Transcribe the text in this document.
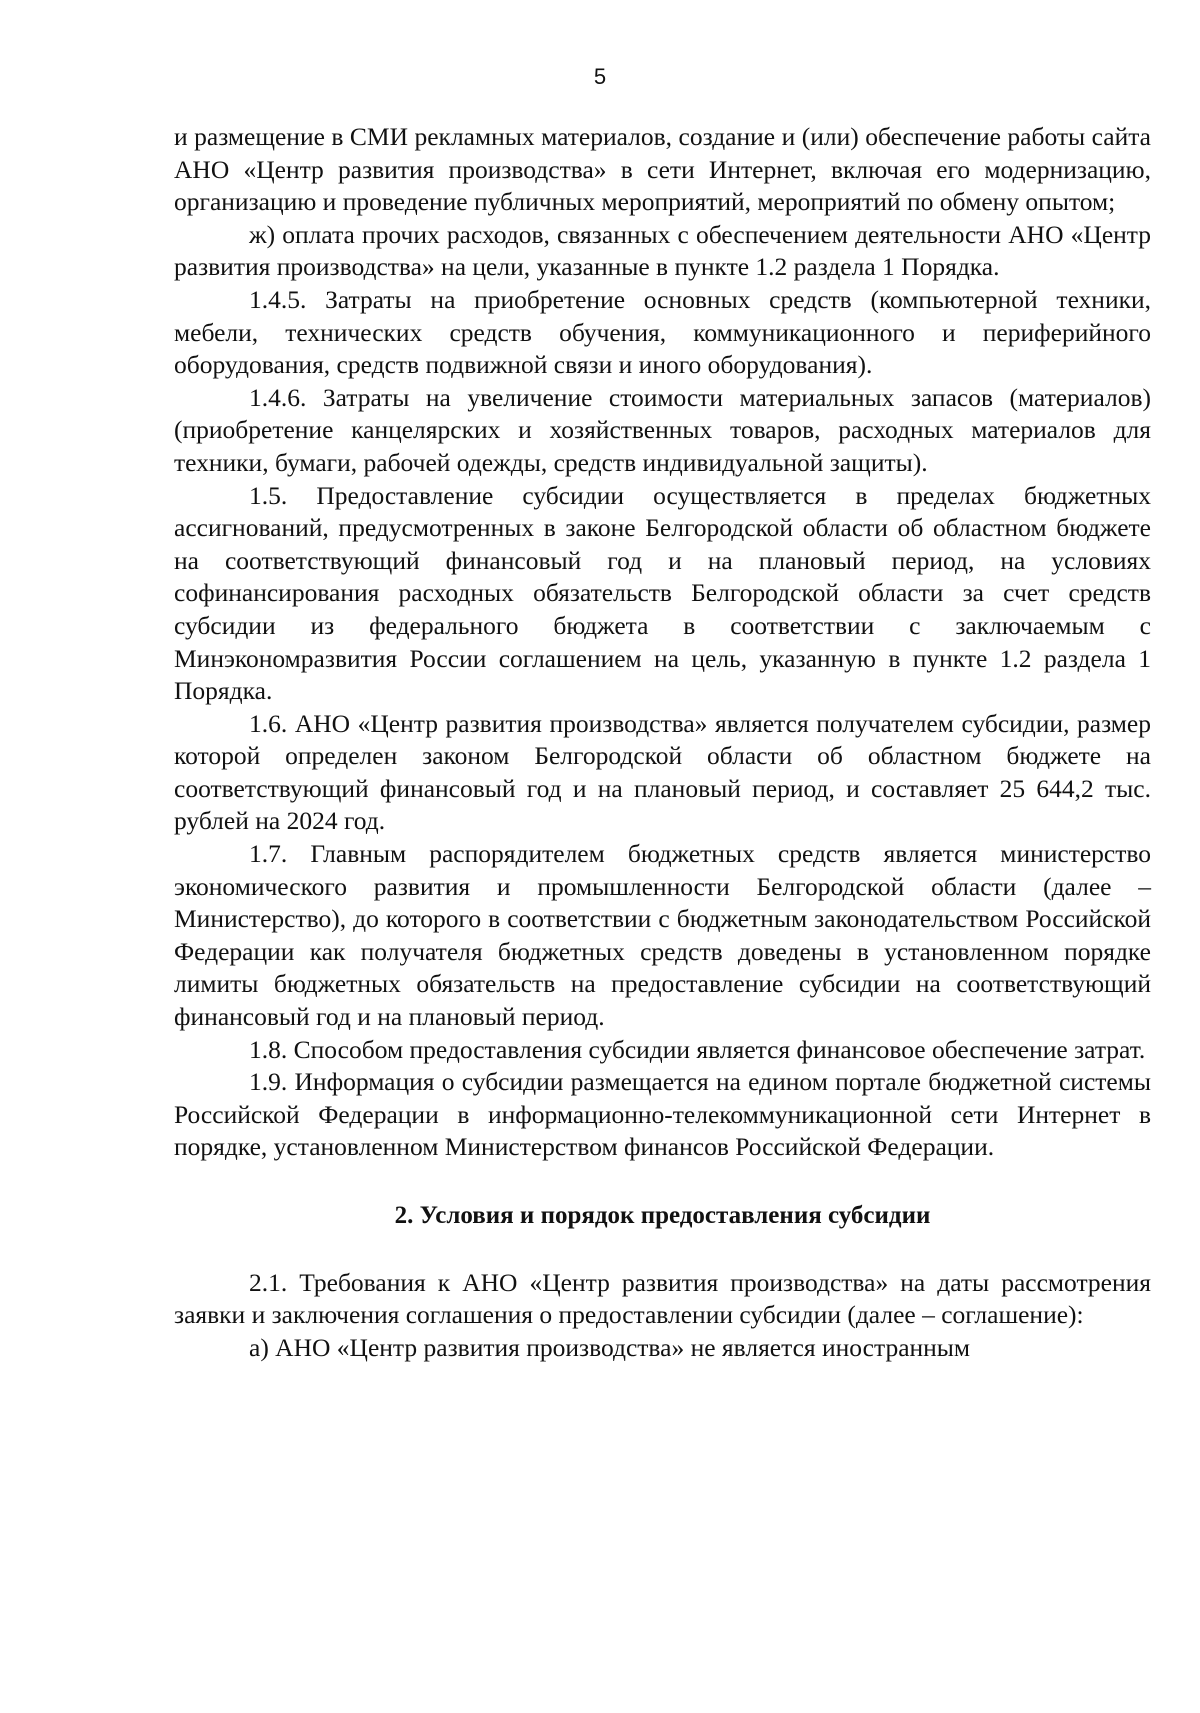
5

и размещение в СМИ рекламных материалов, создание и (или) обеспечение работы сайта АНО «Центр развития производства» в сети Интернет, включая его модернизацию, организацию и проведение публичных мероприятий, мероприятий по обмену опытом;

ж) оплата прочих расходов, связанных с обеспечением деятельности АНО «Центр развития производства» на цели, указанные в пункте 1.2 раздела 1 Порядка.

1.4.5. Затраты на приобретение основных средств (компьютерной техники, мебели, технических средств обучения, коммуникационного и периферийного оборудования, средств подвижной связи и иного оборудования).

1.4.6. Затраты на увеличение стоимости материальных запасов (материалов) (приобретение канцелярских и хозяйственных товаров, расходных материалов для техники, бумаги, рабочей одежды, средств индивидуальной защиты).

1.5. Предоставление субсидии осуществляется в пределах бюджетных ассигнований, предусмотренных в законе Белгородской области об областном бюджете на соответствующий финансовый год и на плановый период, на условиях софинансирования расходных обязательств Белгородской области за счет средств субсидии из федерального бюджета в соответствии с заключаемым с Минэкономразвития России соглашением на цель, указанную в пункте 1.2 раздела 1 Порядка.

1.6. АНО «Центр развития производства» является получателем субсидии, размер которой определен законом Белгородской области об областном бюджете на соответствующий финансовый год и на плановый период, и составляет 25 644,2 тыс. рублей на 2024 год.

1.7. Главным распорядителем бюджетных средств является министерство экономического развития и промышленности Белгородской области (далее – Министерство), до которого в соответствии с бюджетным законодательством Российской Федерации как получателя бюджетных средств доведены в установленном порядке лимиты бюджетных обязательств на предоставление субсидии на соответствующий финансовый год и на плановый период.

1.8. Способом предоставления субсидии является финансовое обеспечение затрат.

1.9. Информация о субсидии размещается на едином портале бюджетной системы Российской Федерации в информационно-телекоммуникационной сети Интернет в порядке, установленном Министерством финансов Российской Федерации.

2. Условия и порядок предоставления субсидии

2.1. Требования к АНО «Центр развития производства» на даты рассмотрения заявки и заключения соглашения о предоставлении субсидии (далее – соглашение):

а) АНО «Центр развития производства» не является иностранным
